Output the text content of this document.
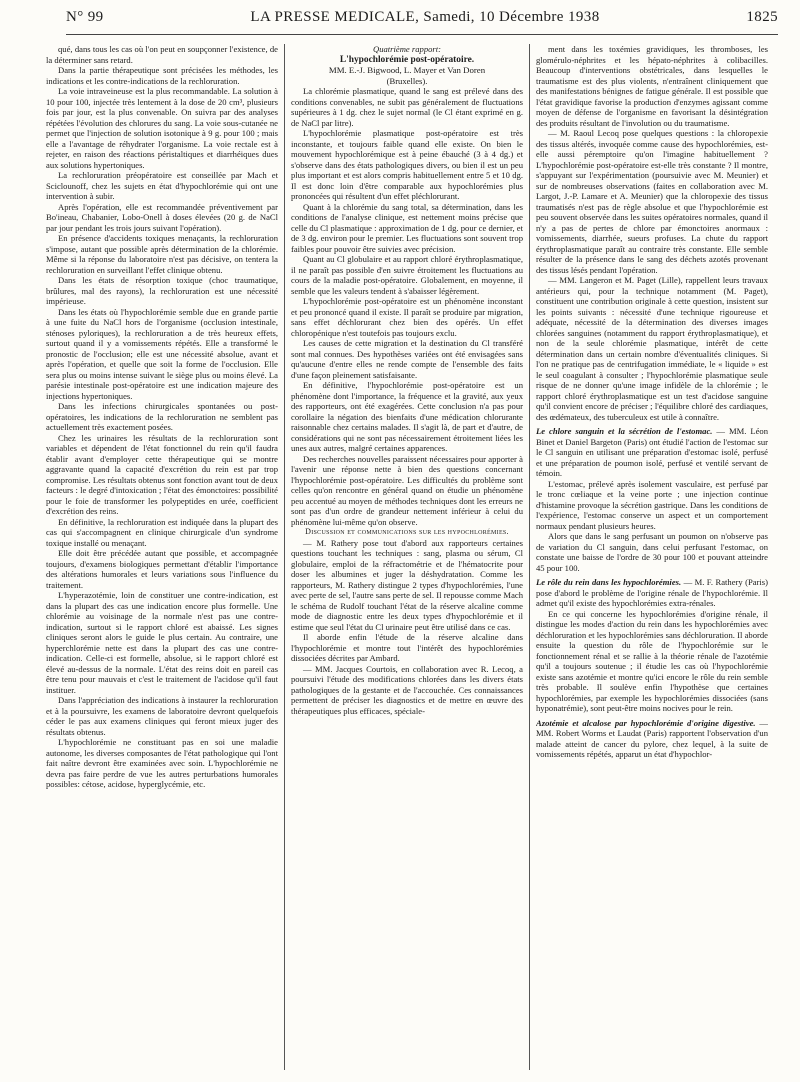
N° 99	LA PRESSE MEDICALE, Samedi, 10 Décembre 1938	1825

qué, dans tous les cas où l'on peut en soupçonner l'existence, de la déterminer sans retard.

Dans la partie thérapeutique sont précisées les méthodes, les indications et les contre-indications de la rechloruration.

La voie intraveineuse est la plus recommandable. La solution à 10 pour 100, injectée très lentement à la dose de 20 cm³, plusieurs fois par jour, est la plus convenable. On suivra par des analyses répétées l'évolution des chlorures du sang. La voie sous-cutanée ne permet que l'injection de solution isotonique à 9 g. pour 100 ; mais elle a l'avantage de réhydrater l'organisme. La voie rectale est à rejeter, en raison des réactions péristaltiques et diarrhéiques dues aux solutions hypertoniques.

La rechloruration préopératoire est conseillée par Mach et Sciclounoff, chez les sujets en état d'hypochlorémie qui ont une intervention à subir.

Après l'opération, elle est recommandée préventivement par Bo'ineau, Chabanier, Lobo-Onell à doses élevées (20 g. de NaCl par jour pendant les trois jours suivant l'opération).

En présence d'accidents toxiques menaçants, la rechloruration s'impose, autant que possible après détermination de la chlorémie. Même si la réponse du laboratoire n'est pas décisive, on tentera la rechloruration en surveillant l'effet clinique obtenu.

Dans les états de résorption toxique (choc traumatique, brûlures, mal des rayons), la rechloruration est une nécessité impérieuse.

Dans les états où l'hypochlorémie semble due en grande partie à une fuite du NaCl hors de l'organisme (occlusion intestinale, sténoses pyloriques), la rechloruration a de très heureux effets, surtout quand il y a vomissements répétés. Elle a transformé le pronostic de l'occlusion; elle est une nécessité absolue, avant et après l'opération, et quelle que soit la forme de l'occlusion. Elle sera plus ou moins intense suivant le siège plus ou moins élevé. La parésie intestinale post-opératoire est une indication majeure des injections hypertoniques.

Dans les infections chirurgicales spontanées ou post-opératoires, les indications de la rechloruration ne semblent pas actuellement très exactement posées.

Chez les urinaires les résultats de la rechloruration sont variables et dépendent de l'état fonctionnel du rein qu'il faudra établir avant d'employer cette thérapeutique qui se montre aggravante quand la capacité d'excrétion du rein est par trop compromise. Les résultats obtenus sont fonction avant tout de deux facteurs : le degré d'intoxication ; l'état des émonctoires: possibilité pour le foie de transformer les polypeptides en urée, coefficient d'excrétion des reins.

En définitive, la rechloruration est indiquée dans la plupart des cas qui s'accompagnent en clinique chirurgicale d'un syndrome toxique installé ou menaçant.

Elle doit être précédée autant que possible, et accompagnée toujours, d'examens biologiques permettant d'établir l'importance des altérations humorales et leurs variations sous l'influence du traitement.

L'hyperazotémie, loin de constituer une contre-indication, est dans la plupart des cas une indication encore plus formelle. Une chlorémie au voisinage de la normale n'est pas une contre-indication, surtout si le rapport chloré est abaissé. Les signes cliniques seront alors le guide le plus certain. Au contraire, une hyperchlorémie nette est dans la plupart des cas une contre-indication. Celle-ci est formelle, absolue, si le rapport chloré est élevé au-dessus de la normale. L'état des reins doit en pareil cas être tenu pour mauvais et c'est le traitement de l'acidose qu'il faut instituer.

Dans l'appréciation des indications à instaurer la rechloruration et à la poursuivre, les examens de laboratoire devront quelquefois céder le pas aux examens cliniques qui feront mieux juger des résultats obtenus.

L'hypochlorémie ne constituant pas en soi une maladie autonome, les diverses composantes de l'état pathologique qui l'ont fait naître devront être examinées avec soin. L'hypochlorémie ne devra pas faire perdre de vue les autres perturbations humorales possibles: cétose, acidose, hyperglycémie, etc.

Quatrième rapport:

L'hypochlorémie post-opératoire.

MM. E.-J. Bigwood, L. Mayer et Van Doren

(Bruxelles).

La chlorémie plasmatique, quand le sang est prélevé dans des conditions convenables, ne subit pas généralement de fluctuations supérieures à 1 dg. chez le sujet normal (le Cl étant exprimé en g. de NaCl par litre).

L'hypochlorémie plasmatique post-opératoire est très inconstante, et toujours faible quand elle existe. On bien le mouvement hypochlorémique est à peine ébauché (3 à 4 dg.) et s'observe dans des états pathologiques divers, ou bien il est un peu plus important et est alors compris habituellement entre 5 et 10 dg. Il est donc loin d'être comparable aux hypochlorémies plus prononcées qui résultent d'un effet pléchlorurant.

Quant à la chlorémie du sang total, sa détermination, dans les conditions de l'analyse clinique, est nettement moins précise que celle du Cl plasmatique : approximation de 1 dg. pour ce dernier, et de 3 dg. environ pour le premier. Les fluctuations sont souvent trop faibles pour pouvoir être suivies avec précision.

Quant au Cl globulaire et au rapport chloré érythroplasmatique, il ne paraît pas possible d'en suivre étroitement les fluctuations au cours de la maladie post-opératoire. Globalement, en moyenne, il semble que les valeurs tendent à s'abaisser légèrement.

L'hypochlorémie post-opératoire est un phénomène inconstant et peu prononcé quand il existe. Il paraît se produire par migration, sans effet déchlorurant chez bien des opérés. Un effet chloropénique n'est toutefois pas toujours exclu.

Les causes de cette migration et la destination du Cl transféré sont mal connues. Des hypothèses variées ont été envisagées sans qu'aucune d'entre elles ne rende compte de l'ensemble des faits d'une façon pleinement satisfaisante.

En définitive, l'hypochlorémie post-opératoire est un phénomène dont l'importance, la fréquence et la gravité, aux yeux des rapporteurs, ont été exagérées. Cette conclusion n'a pas pour corollaire la négation des bienfaits d'une médication chlorurante raisonnable chez certains malades. Il s'agit là, de part et d'autre, de considérations qui ne sont pas nécessairement étroitement liées les unes aux autres, malgré certaines apparences.

Des recherches nouvelles paraissent nécessaires pour apporter à l'avenir une réponse nette à bien des questions concernant l'hypochlorémie post-opératoire. Les difficultés du problème sont celles qu'on rencontre en général quand on étudie un phénomène peu accentué au moyen de méthodes techniques dont les erreurs ne sont pas d'un ordre de grandeur nettement inférieur à celui du phénomène lui-même qu'on observe.

Discussion et communications sur les hypochlorémies.

— M. Rathery pose tout d'abord aux rapporteurs certaines questions touchant les techniques : sang, plasma ou sérum, Cl globulaire, emploi de la réfractométrie et de l'hématocrite pour doser les albumines et juger la déshydratation. Comme les rapporteurs, M. Rathery distingue 2 types d'hypochlorémies, l'une avec perte de sel, l'autre sans perte de sel. Il repousse comme Mach le schéma de Rudolf touchant l'état de la réserve alcaline comme mode de diagnostic entre les deux types d'hypochlorémie et il estime que seul l'état du Cl urinaire peut être utilisé dans ce cas.

Il aborde enfin l'étude de la réserve alcaline dans l'hypochlorémie et montre tout l'intérêt des hypochlorémies dissociées décrites par Ambard.

— MM. Jacques Courtois, en collaboration avec R. Lecoq, a poursuivi l'étude des modifications chlorées dans les divers états pathologiques de la gestante et de l'accouchée. Ces connaissances permettent de préciser les diagnostics et de mettre en œuvre des thérapeutiques plus efficaces, spéciale-

ment dans les toxémies gravidiques, les thromboses, les glomérulo-néphrites et les hépato-néphrites à colibacilles. Beaucoup d'interventions obstétricales, dans lesquelles le traumatisme est des plus violents, n'entraînent cliniquement que des manifestations bénignes de fatigue générale. Il est possible que l'état gravidique favorise la production d'enzymes agissant comme moyen de défense de l'organisme en favorisant la désintégration des produits résultant de l'involution ou du traumatisme.

— M. Raoul Lecoq pose quelques questions : la chloropexie des tissus altérés, invoquée comme cause des hypochlorémies, est-elle aussi péremptoire qu'on l'imagine habituellement ? L'hypochlorémie post-opératoire est-elle très constante ? Il montre, s'appuyant sur l'expérimentation (poursuivie avec M. Meunier) et sur de nombreuses observations (faites en collaboration avec M. Largot, J.-P. Lamare et A. Meunier) que la chloropexie des tissus traumatisés n'est pas de règle absolue et que l'hypochlorémie est peu souvent observée dans les suites opératoires normales, quand il n'y a pas de pertes de chlore par émonctoires anormaux : vomissements, diarrhée, sueurs profuses. La chute du rapport érythroplasmatique paraît au contraire très constante. Elle semble résulter de la présence dans le sang des déchets azotés provenant des tissus lésés pendant l'opération.

— MM. Langeron et M. Paget (Lille), rappellent leurs travaux antérieurs qui, pour la technique notamment (M. Paget), constituent une contribution originale à cette question, insistent sur les points suivants : nécessité d'une technique rigoureuse et adéquate, nécessité de la détermination des diverses images chlorées sanguines (notamment du rapport érythroplasmatique), et non de la seule chlorémie plasmatique, intérêt de cette détermination dans un certain nombre d'éventualités cliniques. Si l'on ne pratique pas de centrifugation immédiate, le « liquide » est le seul coagulant à consulter ; l'hypochlorémie plasmatique seule risque de ne donner qu'une image infidèle de la chlorémie ; le rapport chloré érythroplasmatique est un test d'acidose sanguine qu'il convient encore de préciser ; l'équilibre chloré des cardiaques, des œdémateux, des tuberculeux est utile à connaître.

Le chlore sanguin et la sécrétion de l'estomac. — MM. Léon Binet et Daniel Bargeton (Paris) ont étudié l'action de l'estomac sur le Cl sanguin en utilisant une préparation d'estomac isolé, perfusé et une préparation de poumon isolé, perfusé et ventilé servant de témoin.

L'estomac, prélevé après isolement vasculaire, est perfusé par le tronc cœliaque et la veine porte ; une injection continue d'histamine provoque la sécrétion gastrique. Dans les conditions de l'expérience, l'estomac conserve un aspect et un comportement normaux pendant plusieurs heures.

Alors que dans le sang perfusant un poumon on n'observe pas de variation du Cl sanguin, dans celui perfusant l'estomac, on constate une baisse de l'ordre de 30 pour 100 et pouvant atteindre 45 pour 100.

Le rôle du rein dans les hypochlorémies. — M. F. Rathery (Paris) pose d'abord le problème de l'origine rénale de l'hypochlorémie. Il admet qu'il existe des hypochlorémies extra-rénales.

En ce qui concerne les hypochlorémies d'origine rénale, il distingue les modes d'action du rein dans les hypochlorémies avec déchloruration et les hypochlorémies sans déchloruration. Il aborde ensuite la question du rôle de l'hypochlorémie sur le fonctionnement rénal et se rallie à la théorie rénale de l'azotémie qu'il a toujours soutenue ; il étudie les cas où l'hypochlorémie existe sans azotémie et montre qu'ici encore le rôle du rein semble très probable. Il soulève enfin l'hypothèse que certaines hypochlorémies, par exemple les hypochlorémies dissociées (sans hyponatrémie), sont peut-être moins nocives pour le rein.

Azotémie et alcalose par hypochlorémie d'origine digestive. — MM. Robert Worms et Laudat (Paris) rapportent l'observation d'un malade atteint de cancer du pylore, chez lequel, à la suite de vomissements répétés, apparut un état d'hypochlor-
